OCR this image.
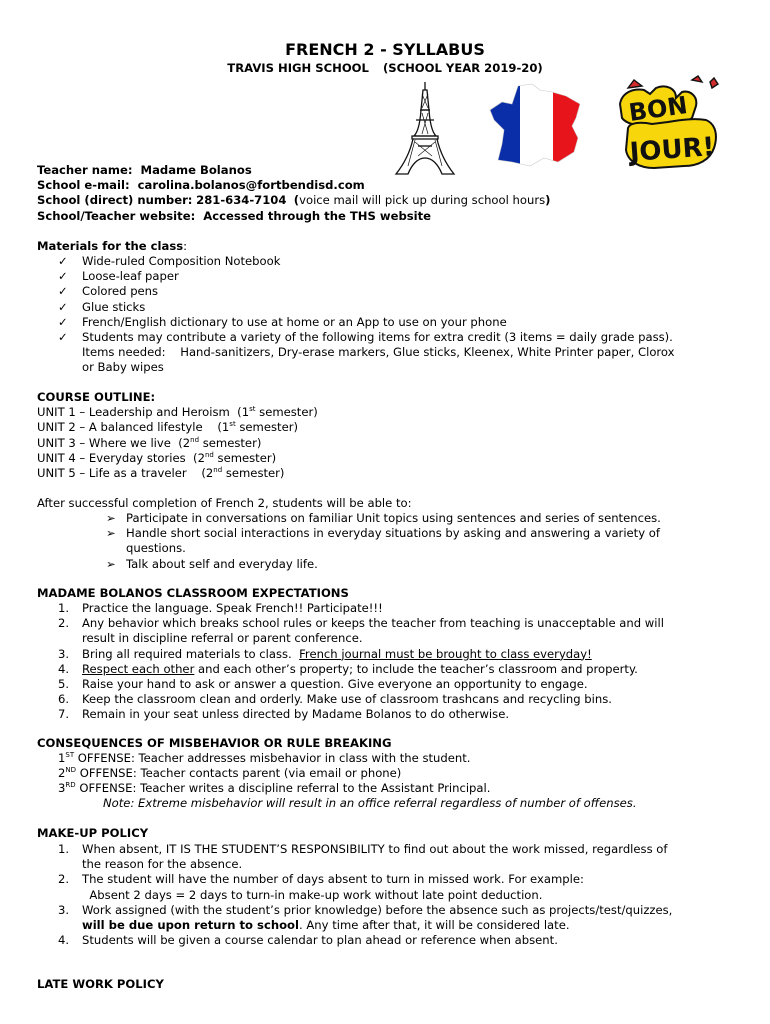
FRENCH 2 - SYLLABUS
TRAVIS HIGH SCHOOL (SCHOOL YEAR 2019-20)
BON
JOUR!
Teacher name: Madame Bolanos
School e-mail: carolina.bolanos@fortbendisd.com
School (direct) number: 281-634-7104 (voice mail will pick up during school hours)
School/Teacher website: Accessed through the THS website
Materials for the class:
✓ Wide-ruled Composition Notebook
✓ Loose-leaf paper
✓ Colored pens
✓ Glue sticks
✓ French/English dictionary to use at home or an App to use on your phone
✓ Students may contribute a variety of the following items for extra credit (3 items = daily grade pass).
Items needed:    Hand-sanitizers, Dry-erase markers, Glue sticks, Kleenex, White Printer paper, Clorox
or Baby wipes
COURSE OUTLINE:
UNIT 1 – Leadership and Heroism  (1st semester)
UNIT 2 – A balanced lifestyle    (1st semester)
UNIT 3 – Where we live  (2nd semester)
UNIT 4 – Everyday stories  (2nd semester)
UNIT 5 – Life as a traveler    (2nd semester)
After successful completion of French 2, students will be able to:
➢ Participate in conversations on familiar Unit topics using sentences and series of sentences.
➢ Handle short social interactions in everyday situations by asking and answering a variety of
questions.
➢ Talk about self and everyday life.
MADAME BOLANOS CLASSROOM EXPECTATIONS
1. Practice the language. Speak French!! Participate!!!
2. Any behavior which breaks school rules or keeps the teacher from teaching is unacceptable and will
result in discipline referral or parent conference.
3. Bring all required materials to class.  French journal must be brought to class everyday!
4. Respect each other and each other’s property; to include the teacher’s classroom and property.
5. Raise your hand to ask or answer a question. Give everyone an opportunity to engage.
6. Keep the classroom clean and orderly. Make use of classroom trashcans and recycling bins.
7. Remain in your seat unless directed by Madame Bolanos to do otherwise.
CONSEQUENCES OF MISBEHAVIOR OR RULE BREAKING
1ST OFFENSE: Teacher addresses misbehavior in class with the student.
2ND OFFENSE: Teacher contacts parent (via email or phone)
3RD OFFENSE: Teacher writes a discipline referral to the Assistant Principal.
Note: Extreme misbehavior will result in an office referral regardless of number of offenses.
MAKE-UP POLICY
1. When absent, IT IS THE STUDENT’S RESPONSIBILITY to find out about the work missed, regardless of
the reason for the absence.
2. The student will have the number of days absent to turn in missed work. For example:
Absent 2 days = 2 days to turn-in make-up work without late point deduction.
3. Work assigned (with the student’s prior knowledge) before the absence such as projects/test/quizzes,
will be due upon return to school. Any time after that, it will be considered late.
4. Students will be given a course calendar to plan ahead or reference when absent.
LATE WORK POLICY
